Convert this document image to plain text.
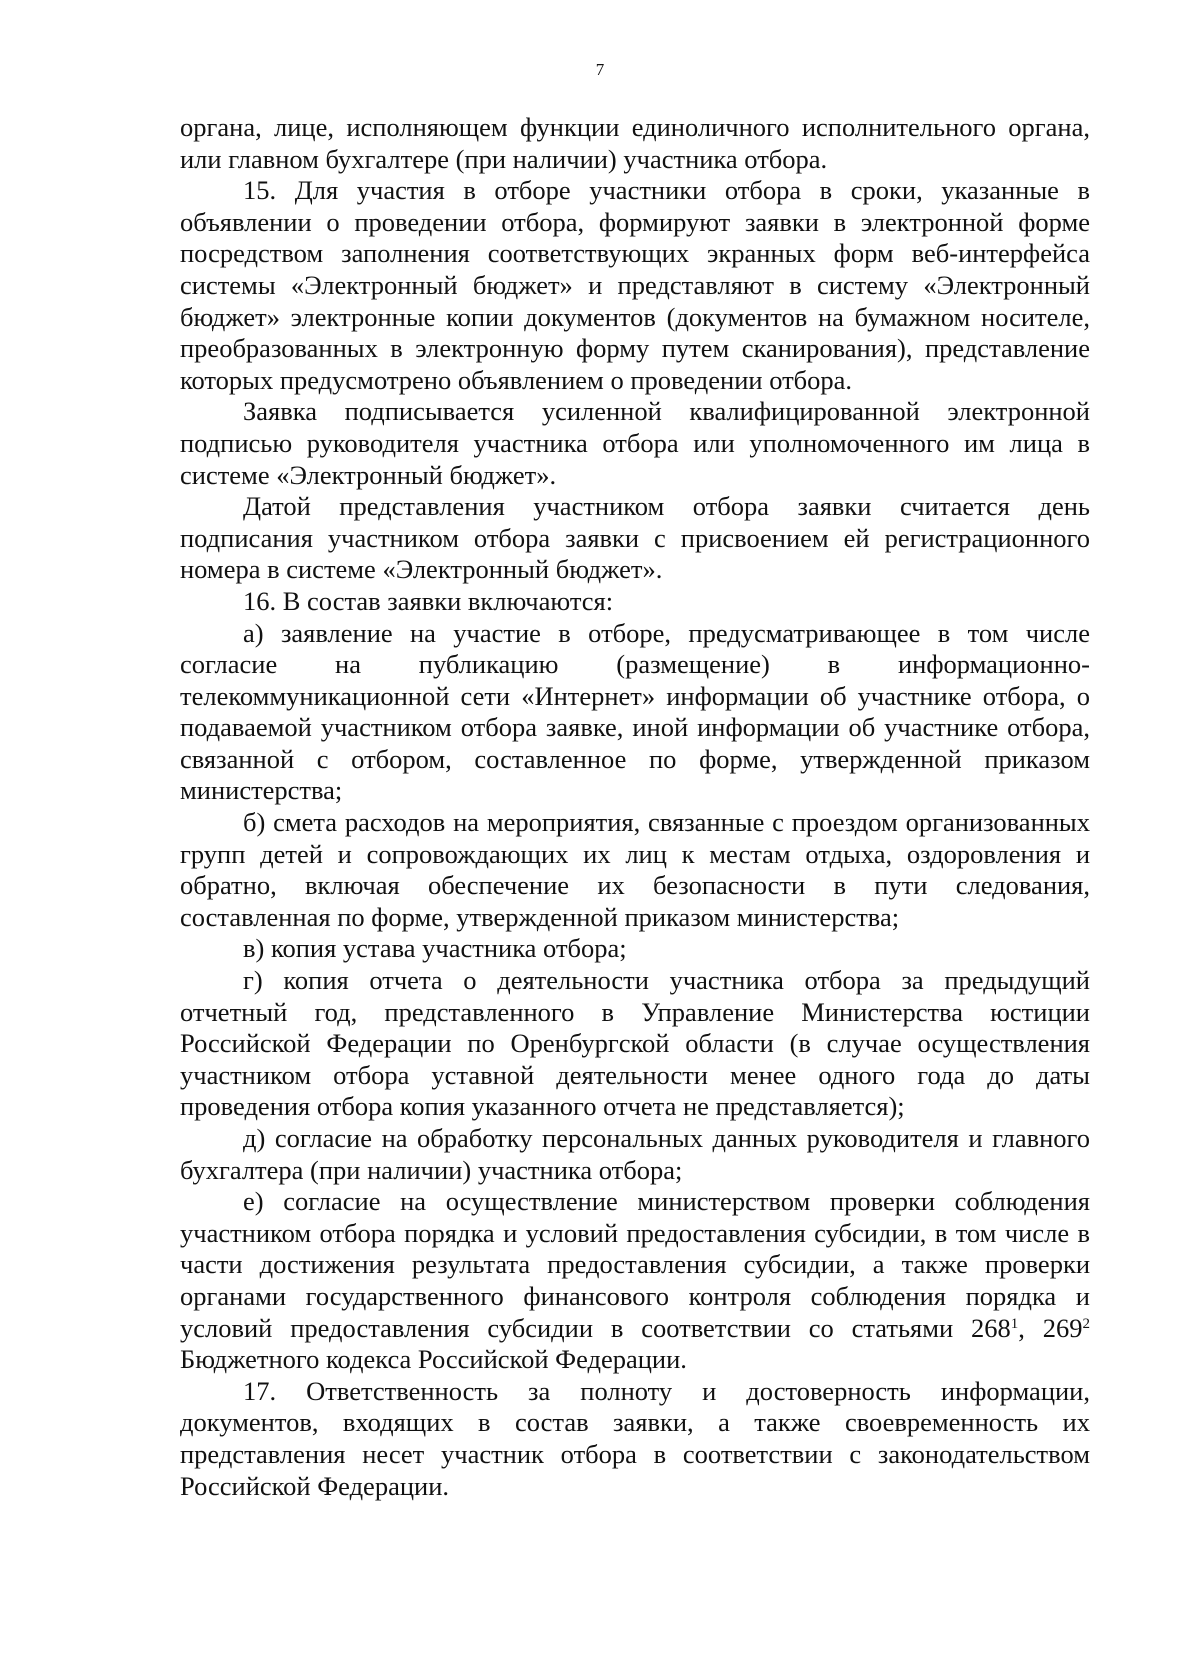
7

органа, лице, исполняющем функции единоличного исполнительного органа, или главном бухгалтере (при наличии) участника отбора.

15. Для участия в отборе участники отбора в сроки, указанные в объявлении о проведении отбора, формируют заявки в электронной форме посредством заполнения соответствующих экранных форм веб-интерфейса системы «Электронный бюджет» и представляют в систему «Электронный бюджет» электронные копии документов (документов на бумажном носителе, преобразованных в электронную форму путем сканирования), представление которых предусмотрено объявлением о проведении отбора.

Заявка подписывается усиленной квалифицированной электронной подписью руководителя участника отбора или уполномоченного им лица в системе «Электронный бюджет».

Датой представления участником отбора заявки считается день подписания участником отбора заявки с присвоением ей регистрационного номера в системе «Электронный бюджет».

16. В состав заявки включаются:

а) заявление на участие в отборе, предусматривающее в том числе согласие на публикацию (размещение) в информационно-телекоммуникационной сети «Интернет» информации об участнике отбора, о подаваемой участником отбора заявке, иной информации об участнике отбора, связанной с отбором, составленное по форме, утвержденной приказом министерства;

б) смета расходов на мероприятия, связанные с проездом организованных групп детей и сопровождающих их лиц к местам отдыха, оздоровления и обратно, включая обеспечение их безопасности в пути следования, составленная по форме, утвержденной приказом министерства;

в) копия устава участника отбора;

г) копия отчета о деятельности участника отбора за предыдущий отчетный год, представленного в Управление Министерства юстиции Российской Федерации по Оренбургской области (в случае осуществления участником отбора уставной деятельности менее одного года до даты проведения отбора копия указанного отчета не представляется);

д) согласие на обработку персональных данных руководителя и главного бухгалтера (при наличии) участника отбора;

е) согласие на осуществление министерством проверки соблюдения участником отбора порядка и условий предоставления субсидии, в том числе в части достижения результата предоставления субсидии, а также проверки органами государственного финансового контроля соблюдения порядка и условий предоставления субсидии в соответствии со статьями $268^1$, $269^2$ Бюджетного кодекса Российской Федерации.

17. Ответственность за полноту и достоверность информации, документов, входящих в состав заявки, а также своевременность их представления несет участник отбора в соответствии с законодательством Российской Федерации.
